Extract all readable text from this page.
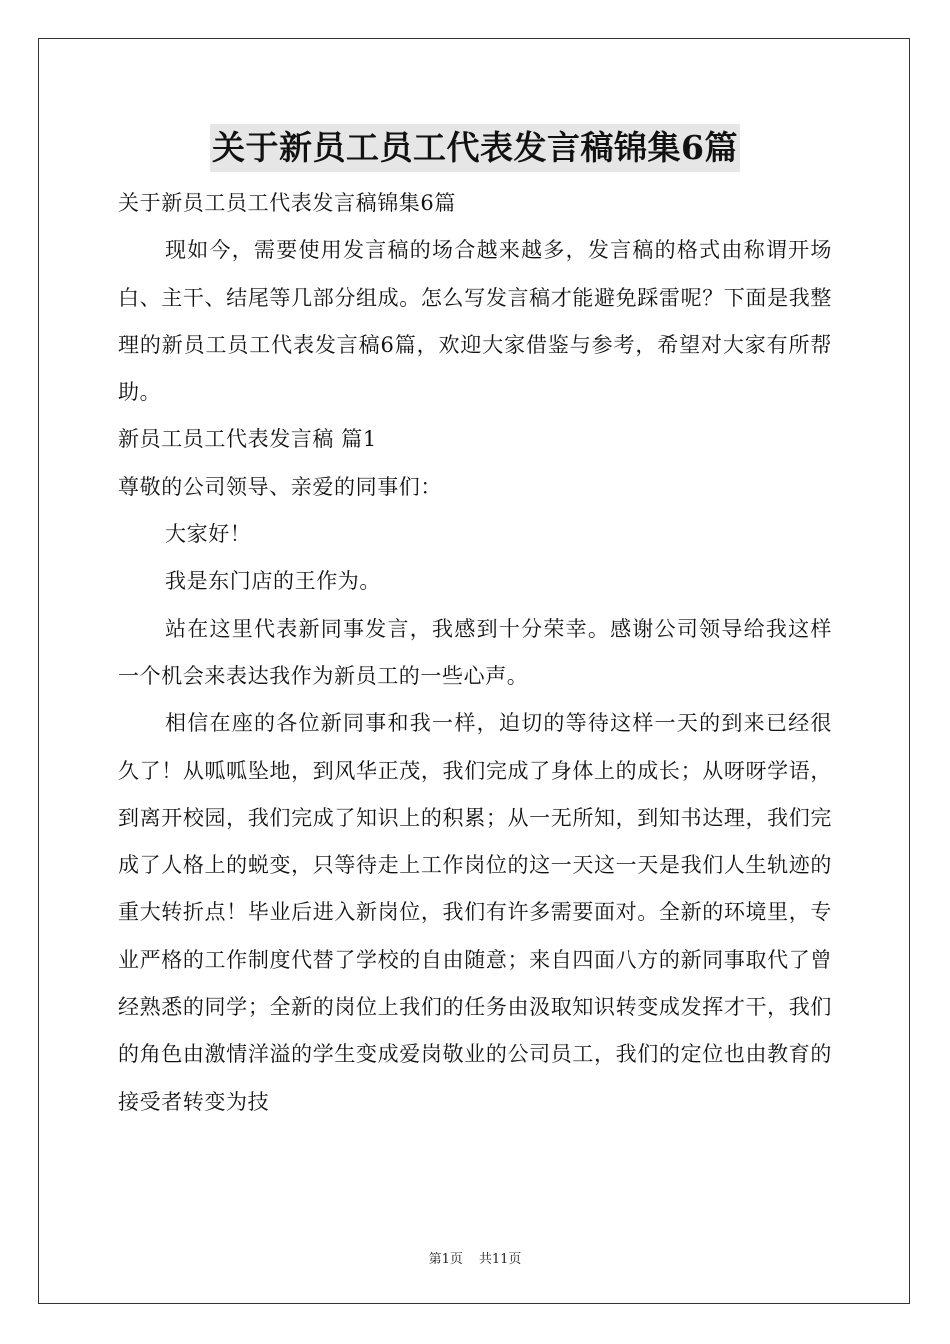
关于新员工员工代表发言稿锦集6篇

关于新员工员工代表发言稿锦集6篇

现如今，需要使用发言稿的场合越来越多，发言稿的格式由称谓开场白、主干、结尾等几部分组成。怎么写发言稿才能避免踩雷呢？下面是我整理的新员工员工代表发言稿6篇，欢迎大家借鉴与参考，希望对大家有所帮助。

新员工员工代表发言稿 篇1

尊敬的公司领导、亲爱的同事们：

大家好！

我是东门店的王作为。

站在这里代表新同事发言，我感到十分荣幸。感谢公司领导给我这样一个机会来表达我作为新员工的一些心声。

相信在座的各位新同事和我一样，迫切的等待这样一天的到来已经很久了！从呱呱坠地，到风华正茂，我们完成了身体上的成长；从呀呀学语，到离开校园，我们完成了知识上的积累；从一无所知，到知书达理，我们完成了人格上的蜕变，只等待走上工作岗位的这一天这一天是我们人生轨迹的重大转折点！毕业后进入新岗位，我们有许多需要面对。全新的环境里，专业严格的工作制度代替了学校的自由随意；来自四面八方的新同事取代了曾经熟悉的同学；全新的岗位上我们的任务由汲取知识转变成发挥才干，我们的角色由激情洋溢的学生变成爱岗敬业的公司员工，我们的定位也由教育的接受者转变为技

第1页 共11页
